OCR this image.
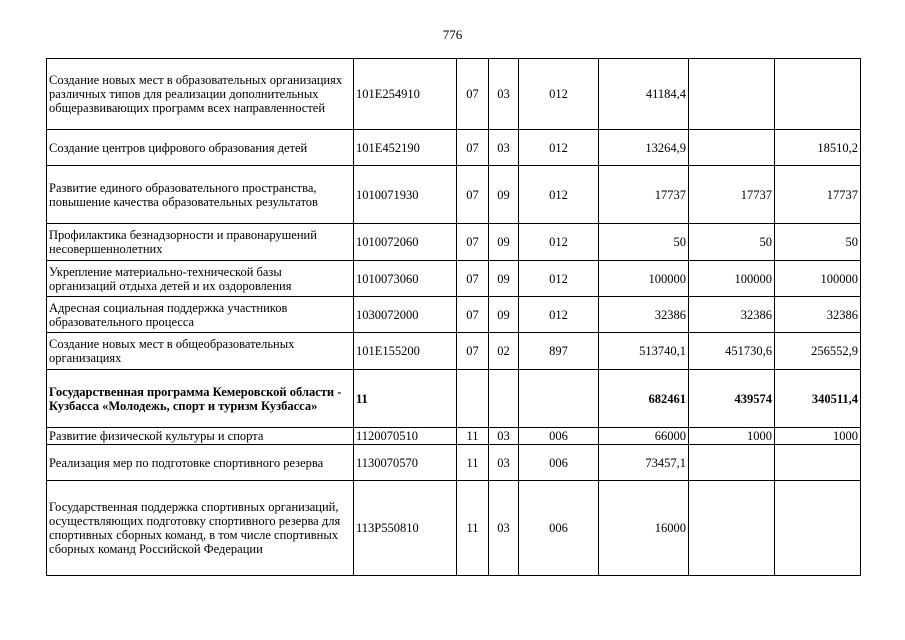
776
Создание новых мест в образовательных организациях различных типов для реализации дополнительных общеразвивающих программ всех направленностей	101Е254910	07	03	012	41184,4		
Создание центров цифрового образования детей	101Е452190	07	03	012	13264,9		18510,2
Развитие единого образовательного пространства, повышение качества образовательных результатов	1010071930	07	09	012	17737	17737	17737
Профилактика безнадзорности и правонарушений несовершеннолетних	1010072060	07	09	012	50	50	50
Укрепление материально-технической базы организаций отдыха детей и их оздоровления	1010073060	07	09	012	100000	100000	100000
Адресная социальная поддержка участников образовательного процесса	1030072000	07	09	012	32386	32386	32386
Создание новых мест в общеобразовательных организациях	101Е155200	07	02	897	513740,1	451730,6	256552,9
Государственная программа Кемеровской области - Кузбасса «Молодежь, спорт и туризм Кузбасса»	11				682461	439574	340511,4
Развитие физической культуры и спорта	1120070510	11	03	006	66000	1000	1000
Реализация мер по подготовке спортивного резерва	1130070570	11	03	006	73457,1		
Государственная поддержка спортивных организаций, осуществляющих подготовку спортивного резерва для спортивных сборных команд, в том числе спортивных сборных команд Российской Федерации	113Р550810	11	03	006	16000		
